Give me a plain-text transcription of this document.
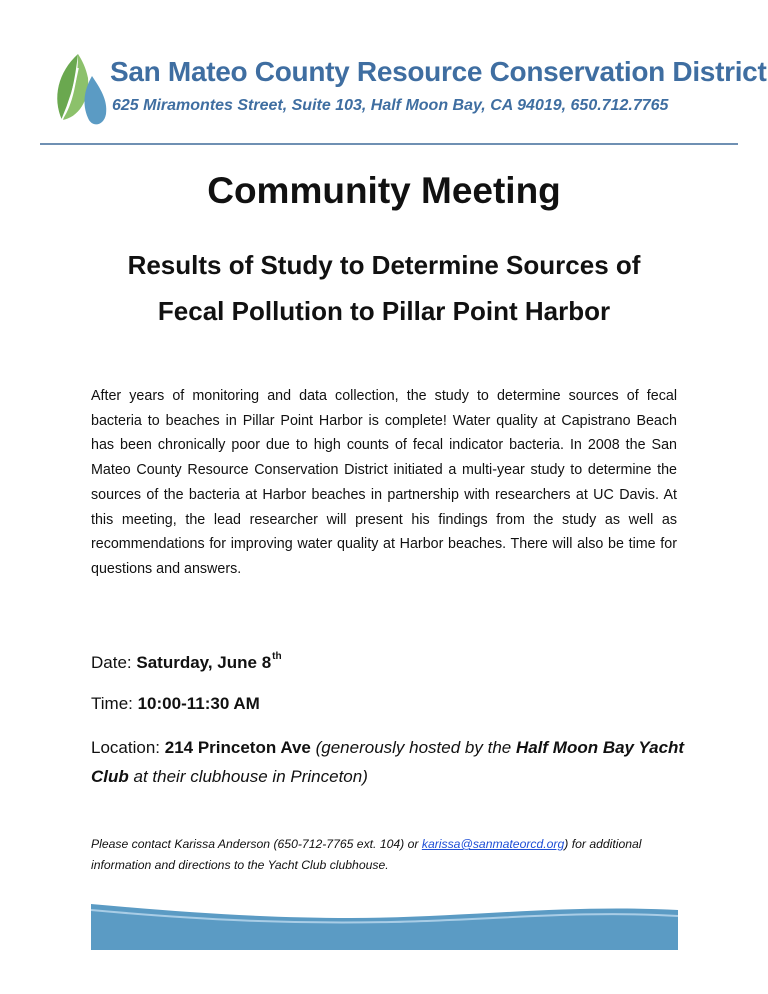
San Mateo County Resource Conservation District
625 Miramontes Street, Suite 103, Half Moon Bay, CA 94019, 650.712.7765
Community Meeting
Results of Study to Determine Sources of
Fecal Pollution to Pillar Point Harbor
After years of monitoring and data collection, the study to determine sources of fecal bacteria to beaches in Pillar Point Harbor is complete! Water quality at Capistrano Beach has been chronically poor due to high counts of fecal indicator bacteria. In 2008 the San Mateo County Resource Conservation District initiated a multi-year study to determine the sources of the bacteria at Harbor beaches in partnership with researchers at UC Davis. At this meeting, the lead researcher will present his findings from the study as well as recommendations for improving water quality at Harbor beaches. There will also be time for questions and answers.
Date: Saturday, June 8th
Time: 10:00-11:30 AM
Location: 214 Princeton Ave (generously hosted by the Half Moon Bay Yacht Club at their clubhouse in Princeton)
Please contact Karissa Anderson (650-712-7765 ext. 104) or karissa@sanmateorcd.org) for additional information and directions to the Yacht Club clubhouse.
